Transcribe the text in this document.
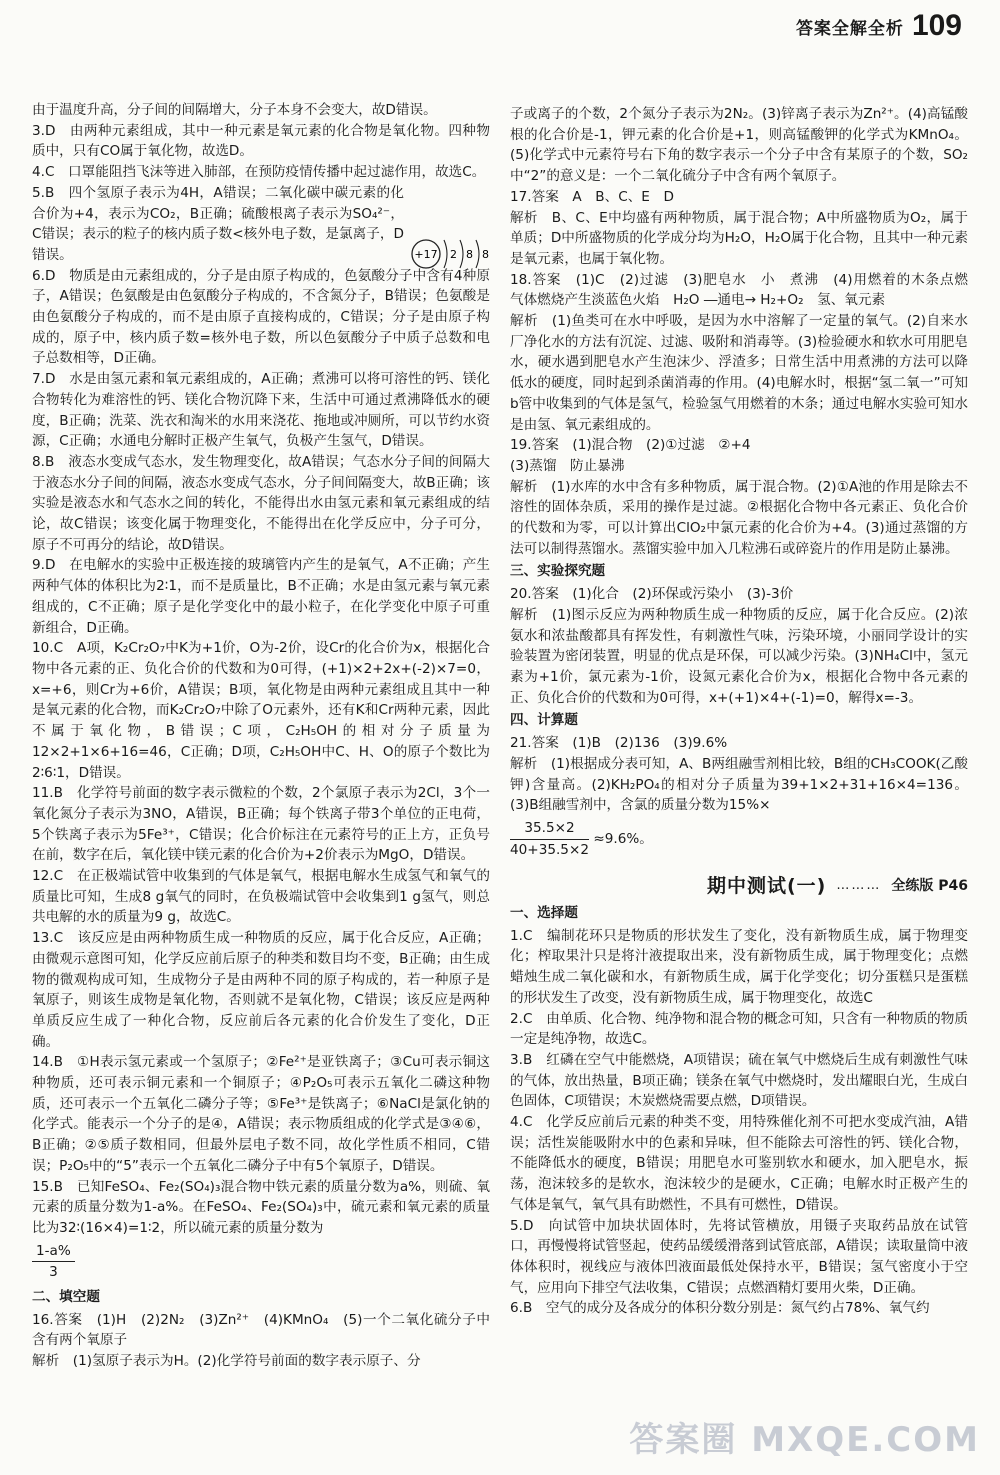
答案全解全析 109

由于温度升高，分子间的间隔增大，分子本身不会变大，故D错误。

3.D　由两种元素组成，其中一种元素是氧元素的化合物是氧化物。四种物质中，只有CO属于氧化物，故选D。

4.C　口罩能阻挡飞沫等进入肺部，在预防疫情传播中起过滤作用，故选C。

5.B　四个氢原子表示为4H，A错误；二氧化碳中碳元素的化合价为+4，表示为CO₂，B正确；硫酸根离子表示为SO₄²⁻，C错误；表示的粒子的核内质子数<核外电子数，是氯离子，D错误。

6.D　物质是由元素组成的，分子是由原子构成的，色氨酸分子中含有4种原子，A错误；色氨酸是由色氨酸分子构成的，不含氮分子，B错误；色氨酸是由色氨酸分子构成的，而不是由原子直接构成的，C错误；分子是由原子构成的，原子中，核内质子数=核外电子数，所以色氨酸分子中质子总数和电子总数相等，D正确。

7.D　水是由氢元素和氧元素组成的，A正确；煮沸可以将可溶性的钙、镁化合物转化为难溶性的钙、镁化合物沉降下来，生活中可通过煮沸降低水的硬度，B正确；洗菜、洗衣和淘米的水用来浇花、拖地或冲厕所，可以节约水资源，C正确；水通电分解时正极产生氧气，负极产生氢气，D错误。

8.B　液态水变成气态水，发生物理变化，故A错误；气态水分子间的间隔大于液态水分子间的间隔，液态水变成气态水，分子间间隔变大，故B正确；该实验是液态水和气态水之间的转化，不能得出水由氢元素和氧元素组成的结论，故C错误；该变化属于物理变化，不能得出在化学反应中，分子可分，原子不可再分的结论，故D错误。

9.D　在电解水的实验中正极连接的玻璃管内产生的是氧气，A不正确；产生两种气体的体积比为2∶1，而不是质量比，B不正确；水是由氢元素与氧元素组成的，C不正确；原子是化学变化中的最小粒子，在化学变化中原子可重新组合，D正确。

10.C　A项，K₂Cr₂O₇中K为+1价，O为-2价，设Cr的化合价为x，根据化合物中各元素的正、负化合价的代数和为0可得，(+1)×2+2x+(-2)×7=0，x=+6，则Cr为+6价，A错误；B项，氧化物是由两种元素组成且其中一种是氧元素的化合物，而K₂Cr₂O₇中除了O元素外，还有K和Cr两种元素，因此不属于氧化物，B错误；C项，C₂H₅OH的相对分子质量为12×2+1×6+16=46，C正确；D项，C₂H₅OH中C、H、O的原子个数比为2∶6∶1，D错误。

11.B　化学符号前面的数字表示微粒的个数，2个氯原子表示为2Cl，3个一氧化氮分子表示为3NO，A错误，B正确；每个铁离子带3个单位的正电荷，5个铁离子表示为5Fe³⁺，C错误；化合价标注在元素符号的正上方，正负号在前，数字在后，氧化镁中镁元素的化合价为+2价表示为MgO，D错误。

12.C　在正极端试管中收集到的气体是氧气，根据电解水生成氢气和氧气的质量比可知，生成8 g氧气的同时，在负极端试管中会收集到1 g氢气，则总共电解的水的质量为9 g，故选C。

13.C　该反应是由两种物质生成一种物质的反应，属于化合反应，A正确；由微观示意图可知，化学反应前后原子的种类和数目均不变，B正确；由生成物的微观构成可知，生成物分子是由两种不同的原子构成的，若一种原子是氧原子，则该生成物是氧化物，否则就不是氧化物，C错误；该反应是两种单质反应生成了一种化合物，反应前后各元素的化合价发生了变化，D正确。

14.B　①H表示氢元素或一个氢原子；②Fe²⁺是亚铁离子；③Cu可表示铜这种物质，还可表示铜元素和一个铜原子；④P₂O₅可表示五氧化二磷这种物质，还可表示一个五氧化二磷分子等；⑤Fe³⁺是铁离子；⑥NaCl是氯化钠的化学式。能表示一个分子的是④，A错误；表示物质组成的化学式是③④⑥，B正确；②⑤质子数相同，但最外层电子数不同，故化学性质不相同，C错误；P₂O₅中的“5”表示一个五氧化二磷分子中有5个氧原子，D错误。

15.B　已知FeSO₄、Fe₂(SO₄)₃混合物中铁元素的质量分数为a%，则硫、氧元素的质量分数为1-a%。在FeSO₄、Fe₂(SO₄)₃中，硫元素和氧元素的质量比为32∶(16×4)=1∶2，所以硫元素的质量分数为

$\frac{1-a\%}{3}$
二、填空题

16.答案　(1)H　(2)2N₂　(3)Zn²⁺　(4)KMnO₄　(5)一个二氧化硫分子中含有两个氧原子

解析　(1)氢原子表示为H。(2)化学符号前面的数字表示原子、分

+17 2 8 8

子或离子的个数，2个氮分子表示为2N₂。(3)锌离子表示为Zn²⁺。(4)高锰酸根的化合价是-1，钾元素的化合价是+1，则高锰酸钾的化学式为KMnO₄。(5)化学式中元素符号右下角的数字表示一个分子中含有某原子的个数，SO₂中“2”的意义是：一个二氧化硫分子中含有两个氧原子。

17.答案　A　B、C、E　D

解析　B、C、E中均盛有两种物质，属于混合物；A中所盛物质为O₂，属于单质；D中所盛物质的化学成分均为H₂O，H₂O属于化合物，且其中一种元素是氧元素，也属于氧化物。

18.答案　(1)C　(2)过滤　(3)肥皂水　小　煮沸　(4)用燃着的木条点燃　气体燃烧产生淡蓝色火焰　H₂O ―通电→ H₂+O₂　氢、氧元素

解析　(1)鱼类可在水中呼吸，是因为水中溶解了一定量的氧气。(2)自来水厂净化水的方法有沉淀、过滤、吸附和消毒等。(3)检验硬水和软水可用肥皂水，硬水遇到肥皂水产生泡沫少、浮渣多；日常生活中用煮沸的方法可以降低水的硬度，同时起到杀菌消毒的作用。(4)电解水时，根据“氢二氧一”可知b管中收集到的气体是氢气，检验氢气用燃着的木条；通过电解水实验可知水是由氢、氧元素组成的。

19.答案　(1)混合物　(2)①过滤　②+4
(3)蒸馏　防止暴沸

解析　(1)水库的水中含有多种物质，属于混合物。(2)①A池的作用是除去不溶性的固体杂质，采用的操作是过滤。②根据化合物中各元素正、负化合价的代数和为零，可以计算出ClO₂中氯元素的化合价为+4。(3)通过蒸馏的方法可以制得蒸馏水。蒸馏实验中加入几粒沸石或碎瓷片的作用是防止暴沸。

三、实验探究题

20.答案　(1)化合　(2)环保或污染小　(3)-3价

解析　(1)图示反应为两种物质生成一种物质的反应，属于化合反应。(2)浓氨水和浓盐酸都具有挥发性，有刺激性气味，污染环境，小丽同学设计的实验装置为密闭装置，明显的优点是环保，可以减少污染。(3)NH₄Cl中，氢元素为+1价，氯元素为-1价，设氮元素化合价为x，根据化合物中各元素的正、负化合价的代数和为0可得，x+(+1)×4+(-1)=0，解得x=-3。

四、计算题

21.答案　(1)B　(2)136　(3)9.6%

解析　(1)根据成分表可知，A、B两组融雪剂相比较，B组的CH₃COOK(乙酸钾)含量高。(2)KH₂PO₄的相对分子质量为39+1×2+31+16×4=136。(3)B组融雪剂中，含氯的质量分数为15%×

$\frac{35.5\times 2}{40+35.5\times 2} \approx 9.6\%$。
期中测试(一) ……… 全练版 P46
一、选择题

1.C　编制花环只是物质的形状发生了变化，没有新物质生成，属于物理变化；榨取果汁只是将汁液提取出来，没有新物质生成，属于物理变化；点燃蜡烛生成二氧化碳和水，有新物质生成，属于化学变化；切分蛋糕只是蛋糕的形状发生了改变，没有新物质生成，属于物理变化，故选C

2.C　由单质、化合物、纯净物和混合物的概念可知，只含有一种物质的物质一定是纯净物，故选C。

3.B　红磷在空气中能燃烧，A项错误；硫在氧气中燃烧后生成有刺激性气味的气体，放出热量，B项正确；镁条在氧气中燃烧时，发出耀眼白光，生成白色固体，C项错误；木炭燃烧需要点燃，D项错误。

4.C　化学反应前后元素的种类不变，用特殊催化剂不可把水变成汽油，A错误；活性炭能吸附水中的色素和异味，但不能除去可溶性的钙、镁化合物，不能降低水的硬度，B错误；用肥皂水可鉴别软水和硬水，加入肥皂水，振荡，泡沫较多的是软水，泡沫较少的是硬水，C正确；电解水时正极产生的气体是氧气，氧气具有助燃性，不具有可燃性，D错误。

5.D　向试管中加块状固体时，先将试管横放，用镊子夹取药品放在试管口，再慢慢将试管竖起，使药品缓缓滑落到试管底部，A错误；读取量筒中液体体积时，视线应与液体凹液面最低处保持水平，B错误；氢气密度小于空气，应用向下排空气法收集，C错误；点燃酒精灯要用火柴，D正确。

6.B　空气的成分及各成分的体积分数分别是：氮气约占78%、氧气约

答案圈 MXQE.COM
